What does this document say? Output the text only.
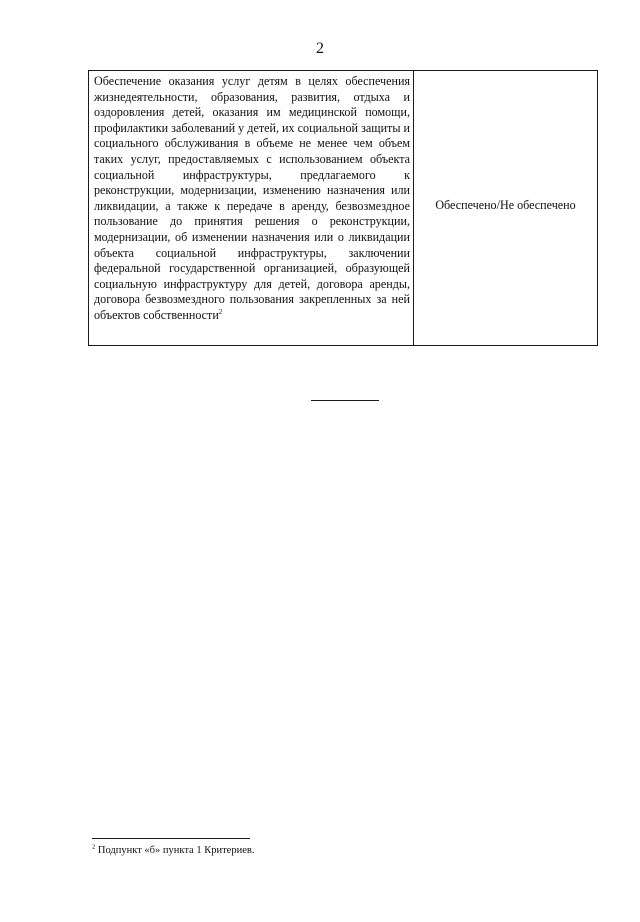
2
Обеспечение оказания услуг детям в целях обеспечения жизнедеятельности, образования, развития, отдыха и оздоровления детей, оказания им медицинской помощи, профилактики заболеваний у детей, их социальной защиты и социального обслуживания в объеме не менее чем объем таких услуг, предоставляемых с использованием объекта социальной инфраструктуры, предлагаемого к реконструкции, модернизации, изменению назначения или ликвидации, а также к передаче в аренду, безвозмездное пользование до принятия решения о реконструкции, модернизации, об изменении назначения или о ликвидации объекта социальной инфраструктуры, заключении федеральной государственной организацией, образующей социальную инфраструктуру для детей, договора аренды, договора безвозмездного пользования закрепленных за ней объектов собственности$^2$
Обеспечено/Не обеспечено
$^2$ Подпункт «б» пункта 1 Критериев.
